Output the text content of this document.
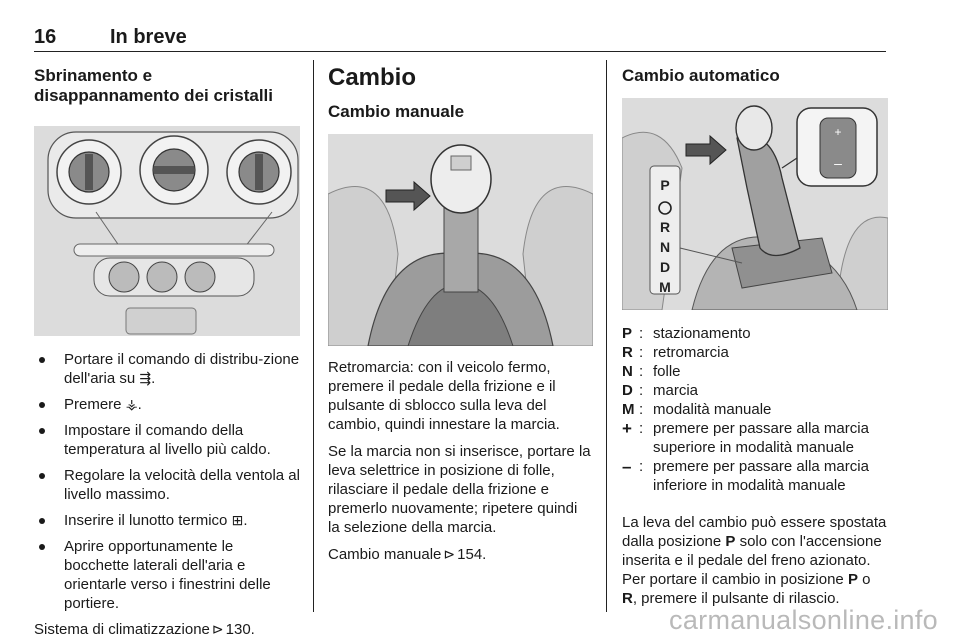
16	In breve
Sbrinamento e disappannamento dei cristalli
Portare il comando di distribu-zione dell'aria su ⇶.
Premere ⚶.
Impostare il comando della temperatura al livello più caldo.
Regolare la velocità della ventola al livello massimo.
Inserire il lunotto termico ⊞.
Aprire opportunamente le bocchette laterali dell'aria e orientarle verso i finestrini delle portiere.
Sistema di climatizzazione ⊳ 130.
Cambio
Cambio manuale
Retromarcia: con il veicolo fermo, premere il pedale della frizione e il pulsante di sblocco sulla leva del cambio, quindi innestare la marcia.
Se la marcia non si inserisce, portare la leva selettrice in posizione di folle, rilasciare il pedale della frizione e premerlo nuovamente; ripetere quindi la selezione della marcia.
Cambio manuale ⊳ 154.
Cambio automatico
+
–
P
R
N
D
M
P : stazionamento
R : retromarcia
N : folle
D : marcia
M : modalità manuale
+ : premere per passare alla marcia superiore in modalità manuale
– : premere per passare alla marcia inferiore in modalità manuale
La leva del cambio può essere spostata dalla posizione P solo con l'accensione inserita e il pedale del freno azionato. Per portare il cambio in posizione P o R, premere il pulsante di rilascio.
carmanualsonline.info
